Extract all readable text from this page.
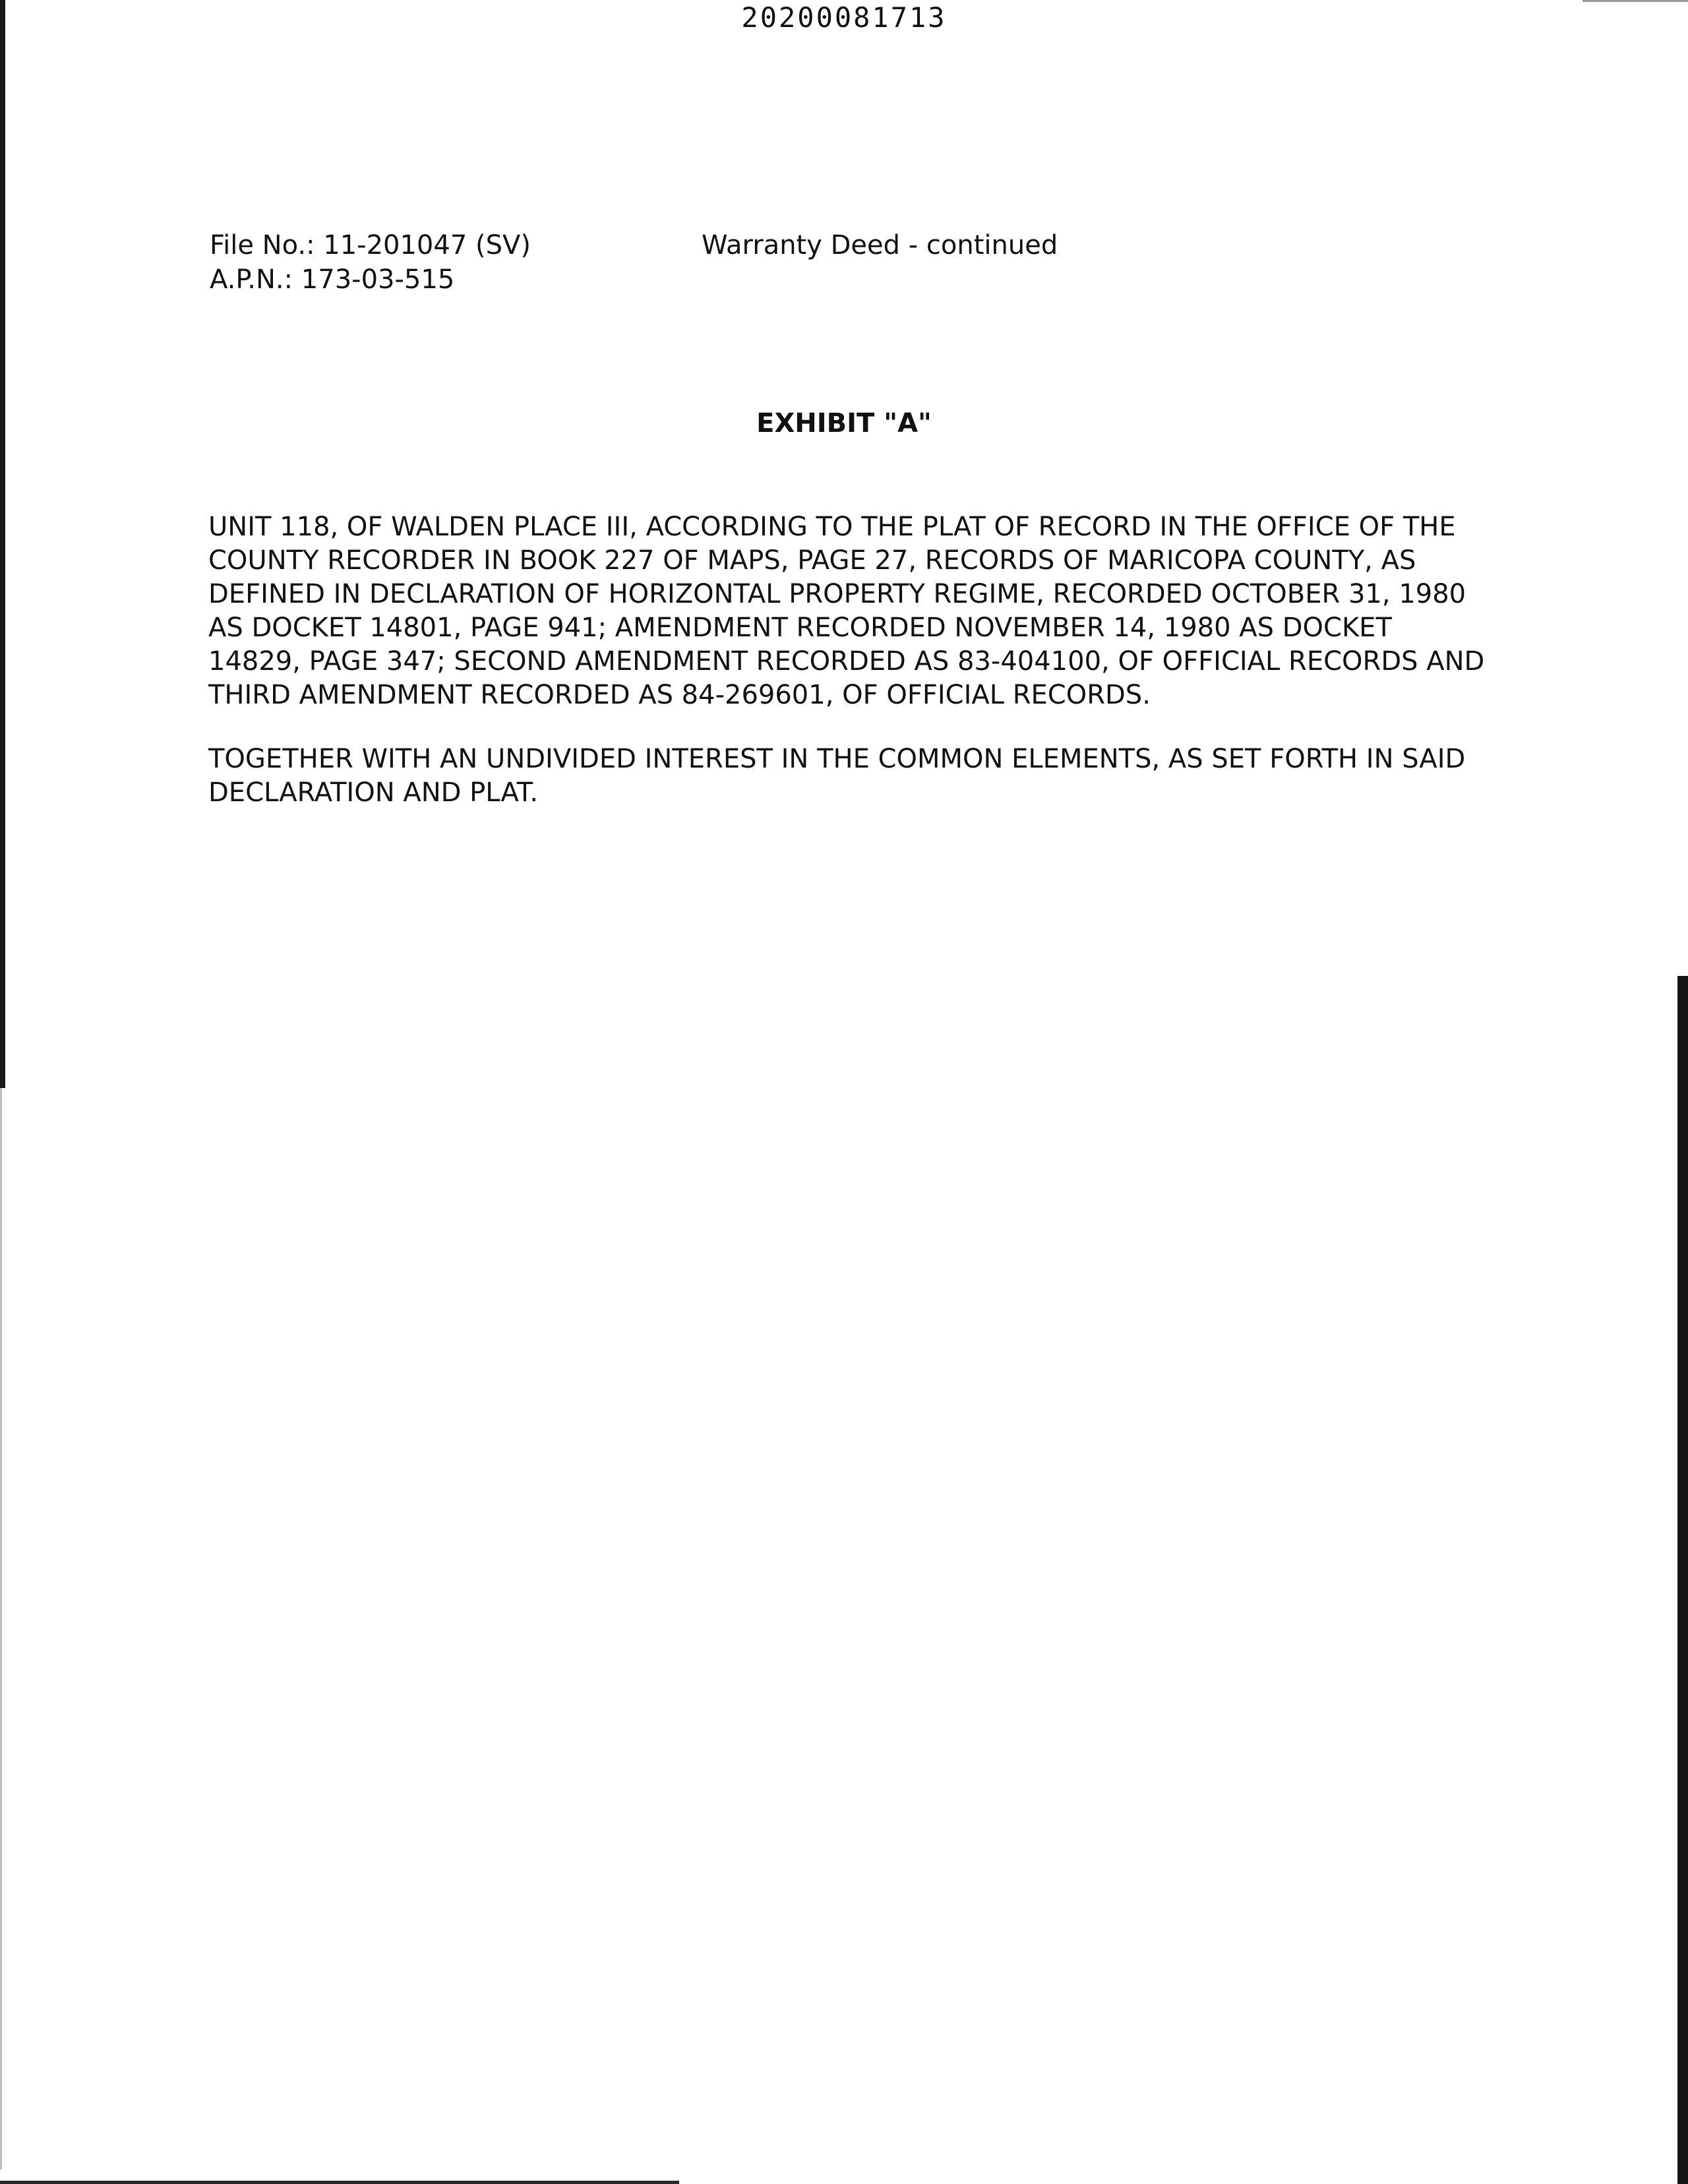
20200081713
File No.: 11-201047 (SV)
A.P.N.: 173-03-515
Warranty Deed - continued
EXHIBIT "A"

UNIT 118, OF WALDEN PLACE III, ACCORDING TO THE PLAT OF RECORD IN THE OFFICE OF THE COUNTY RECORDER IN BOOK 227 OF MAPS, PAGE 27, RECORDS OF MARICOPA COUNTY, AS DEFINED IN DECLARATION OF HORIZONTAL PROPERTY REGIME, RECORDED OCTOBER 31, 1980 AS DOCKET 14801, PAGE 941; AMENDMENT RECORDED NOVEMBER 14, 1980 AS DOCKET 14829, PAGE 347; SECOND AMENDMENT RECORDED AS 83-404100, OF OFFICIAL RECORDS AND THIRD AMENDMENT RECORDED AS 84-269601, OF OFFICIAL RECORDS.

TOGETHER WITH AN UNDIVIDED INTEREST IN THE COMMON ELEMENTS, AS SET FORTH IN SAID DECLARATION AND PLAT.
